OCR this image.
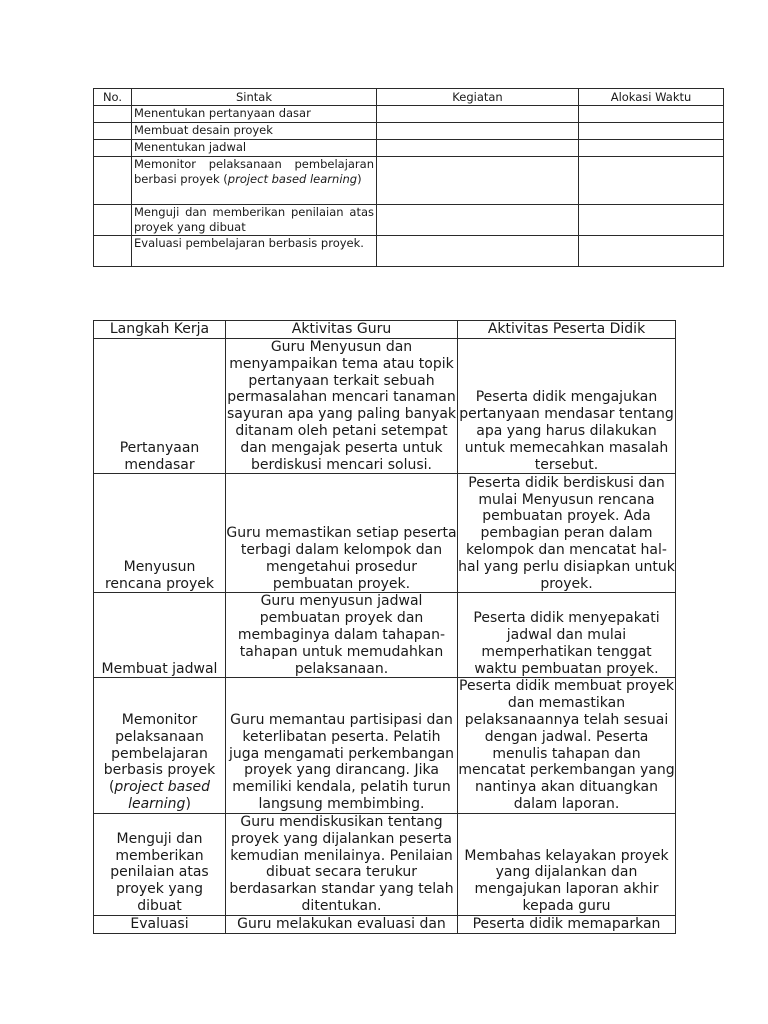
No.	Sintak	Kegiatan	Alokasi Waktu
	Menentukan pertanyaan dasar		
	Membuat desain proyek		
	Menentukan jadwal		
	Memonitor pelaksanaan pembelajaran berbasi proyek (project based learning)		
	Menguji dan memberikan penilaian atas proyek yang dibuat		
	Evaluasi pembelajaran berbasis proyek.		
Langkah Kerja	Aktivitas Guru	Aktivitas Peserta Didik
Pertanyaan mendasar	Guru Menyusun dan menyampaikan tema atau topik pertanyaan terkait sebuah permasalahan mencari tanaman sayuran apa yang paling banyak ditanam oleh petani setempat dan mengajak peserta untuk berdiskusi mencari solusi.	Peserta didik mengajukan pertanyaan mendasar tentang apa yang harus dilakukan untuk memecahkan masalah tersebut.
Menyusun rencana proyek	Guru memastikan setiap peserta terbagi dalam kelompok dan mengetahui prosedur pembuatan proyek.	Peserta didik berdiskusi dan mulai Menyusun rencana pembuatan proyek. Ada pembagian peran dalam kelompok dan mencatat hal-hal yang perlu disiapkan untuk proyek.
Membuat jadwal	Guru menyusun jadwal pembuatan proyek dan membaginya dalam tahapan-tahapan untuk memudahkan pelaksanaan.	Peserta didik menyepakati jadwal dan mulai memperhatikan tenggat waktu pembuatan proyek.
Memonitor pelaksanaan pembelajaran berbasis proyek (project based learning)	Guru memantau partisipasi dan keterlibatan peserta. Pelatih juga mengamati perkembangan proyek yang dirancang. Jika memiliki kendala, pelatih turun langsung membimbing.	Peserta didik membuat proyek dan memastikan pelaksanaannya telah sesuai dengan jadwal. Peserta menulis tahapan dan mencatat perkembangan yang nantinya akan dituangkan dalam laporan.
Menguji dan memberikan penilaian atas proyek yang dibuat	Guru mendiskusikan tentang proyek yang dijalankan peserta kemudian menilainya. Penilaian dibuat secara terukur berdasarkan standar yang telah ditentukan.	Membahas kelayakan proyek yang dijalankan dan mengajukan laporan akhir kepada guru
Evaluasi	Guru melakukan evaluasi dan	Peserta didik memaparkan
